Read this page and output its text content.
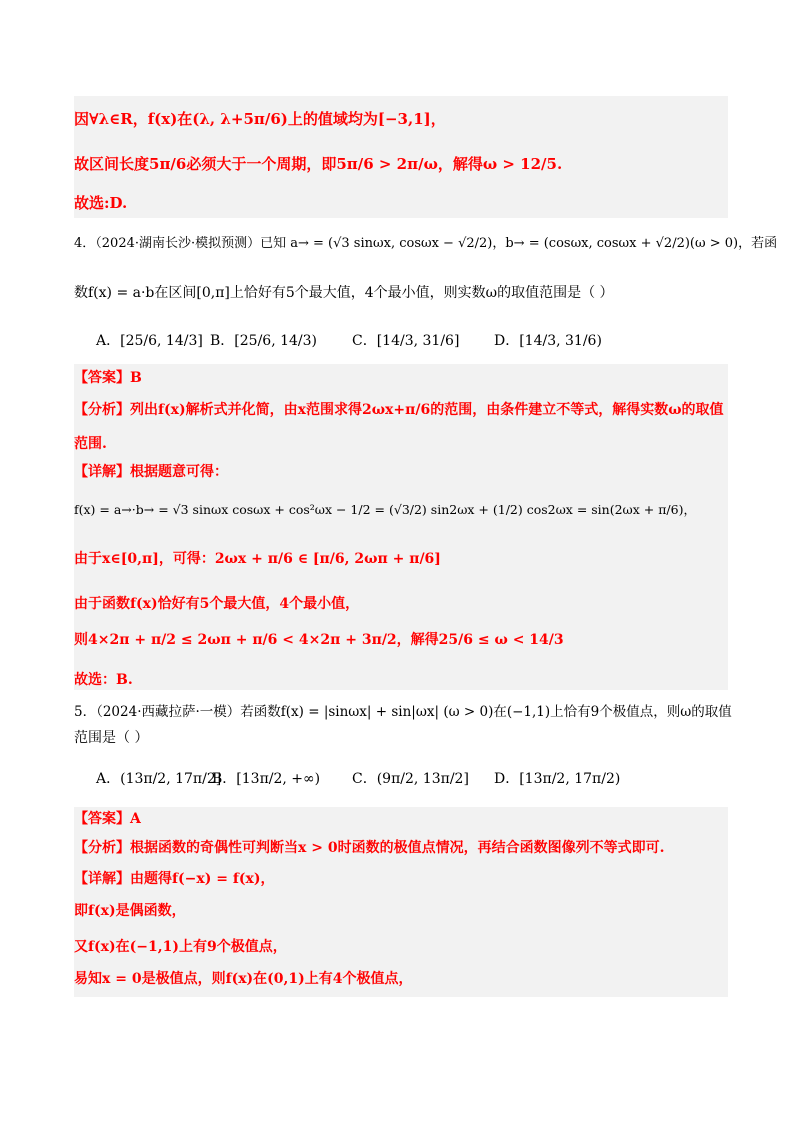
因∀λ∈R，f(x)在(λ, λ+5π/6)上的值域均为[−3,1]，
故区间长度5π/6必须大于一个周期，即5π/6 > 2π/ω，解得ω > 12/5.
故选:D.
4．（2024·湖南长沙·模拟预测）已知 a→ = (√3 sinωx, cosωx − √2/2)，b→ = (cosωx, cosωx + √2/2)(ω > 0)，若函
数f(x) = a·b在区间[0,π]上恰好有5个最大值，4个最小值，则实数ω的取值范围是（ ）
A．[25/6, 14/3] B．[25/6, 14/3)	C．[14/3, 31/6] D．[14/3, 31/6)
【答案】B
【分析】列出f(x)解析式并化简，由x范围求得2ωx+π/6的范围，由条件建立不等式，解得实数ω的取值
范围.
【详解】根据题意可得：
f(x) = a→·b→ = √3 sinωx cosωx + cos²ωx − 1/2 = (√3/2) sin2ωx + (1/2) cos2ωx = sin(2ωx + π/6)，
由于x∈[0,π]，可得：2ωx + π/6 ∈ [π/6, 2ωπ + π/6]
由于函数f(x)恰好有5个最大值，4个最小值，
则4×2π + π/2 ≤ 2ωπ + π/6 < 4×2π + 3π/2，解得25/6 ≤ ω < 14/3
故选：B.
5．（2024·西藏拉萨·一模）若函数f(x) = |sinωx| + sin|ωx| (ω > 0)在(−1,1)上恰有9个极值点，则ω的取值
范围是（ ）
A．(13π/2, 17π/2]
B．[13π/2, +∞) C．(9π/2, 13π/2] D．[13π/2, 17π/2)
【答案】A
【分析】根据函数的奇偶性可判断当x > 0时函数的极值点情况，再结合函数图像列不等式即可.
【详解】由题得f(−x) = f(x)，
即f(x)是偶函数，
又f(x)在(−1,1)上有9个极值点，
易知x = 0是极值点，则f(x)在(0,1)上有4个极值点，
